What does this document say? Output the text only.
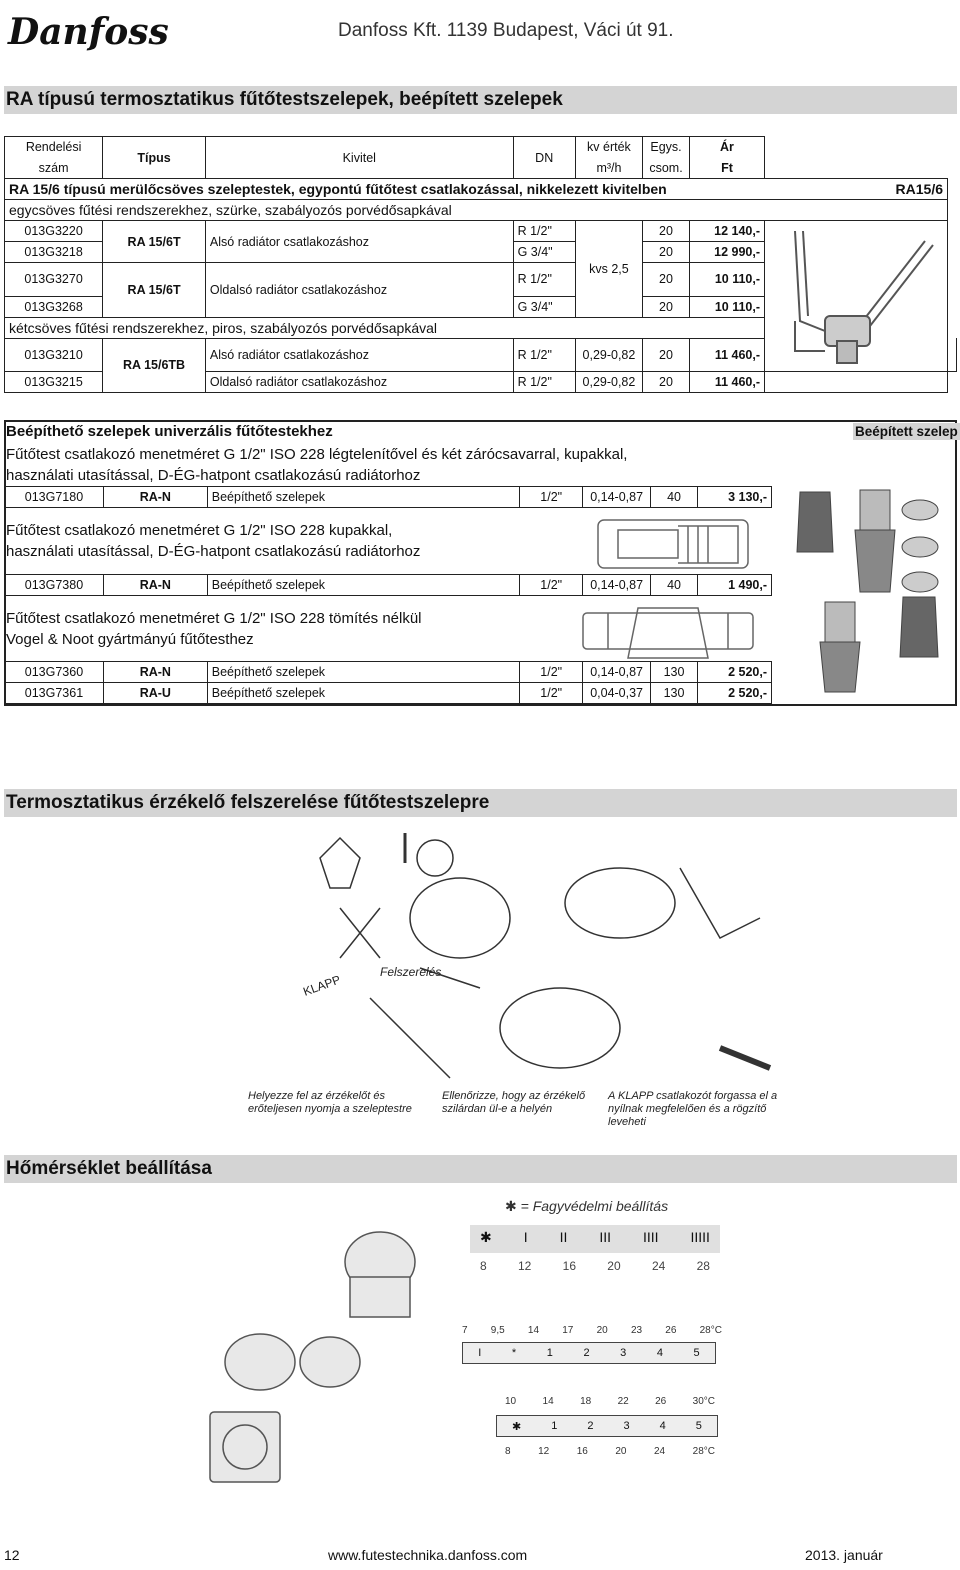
Danfoss	Danfoss Kft. 1139 Budapest, Váci út 91.
RA típusú termosztatikus fűtőtestszelepek, beépített szelepek
Rendelési	Típus	Kivitel	DN	kv érték	Egys.	Ár		
szám				m³/h	csom.	Ft		
RA 15/6 típusú merülőcsöves szeleptestek, egypontú fűtőtest csatlakozással, nikkelezett kivitelben							RA15/6	
egycsöves fűtési rendszerekhez, szürke, szabályozós porvédősapkával								
013G3220	RA 15/6T	Alsó radiátor csatlakozáshoz	R 1/2"	kvs 2,5	20	12 140,-	

013G3218			G 3/4"		20	12 990,-		
013G3270	RA 15/6T	Oldalsó radiátor csatlakozáshoz	R 1/2"		20	10 110,-		
013G3268			G 3/4"		20	10 110,-		
kétcsöves fűtési rendszerekhez, piros, szabályozós porvédősapkával								
013G3210	RA 15/6TB	Alsó radiátor csatlakozáshoz	R 1/2"	0,29-0,82	20	11 460,-		
013G3215		Oldalsó radiátor csatlakozáshoz	R 1/2"	0,29-0,82	20	11 460,-		
Beépíthető szelepek univerzális fűtőtestekhez	Beépített szelep
Fűtőtest csatlakozó menetméret G 1/2" ISO 228 légtelenítővel és két zárócsavarral, kupakkal,
használati utasítással, D-ÉG-hatpont csatlakozású radiátorhoz
013G7180	RA-N	Beépíthető szelepek	1/2"	0,14-0,87	40	3 130,-
Fűtőtest csatlakozó menetméret G 1/2" ISO 228 kupakkal,
használati utasítással, D-ÉG-hatpont csatlakozású radiátorhoz
013G7380	RA-N	Beépíthető szelepek	1/2"	0,14-0,87	40	1 490,-
Fűtőtest csatlakozó menetméret G 1/2" ISO 228 tömítés nélkül
Vogel & Noot gyártmányú fűtőtesthez
013G7360	RA-N	Beépíthető szelepek	1/2"	0,14-0,87	130	2 520,-
013G7361	RA-U	Beépíthető szelepek	1/2"	0,04-0,37	130	2 520,-
Termosztatikus érzékelő felszerelése fűtőtestszelepre
Felszerelés
KLAPP
Helyezze fel az érzékelőt és
erőteljesen nyomja a szeleptestre
Ellenőrizze, hogy az érzékelő
szilárdan ül-e a helyén
A KLAPP csatlakozót forgassa el a
nyílnak megfelelően és a rögzítő
leveheti
Hőmérséklet beállítása
✱ = Fagyvédelmi beállítás
✱ I II III IIII IIIII
8	12	16	20	24	28
7 9,5 14 17 20 23 26 28°C
I	*	1	2	3	4	5
10	14	18	22	26	30°C
✱	1	2	3	4	5
8	12	16	20	24	28°C
12	www.futestechnika.danfoss.com	2013. január
